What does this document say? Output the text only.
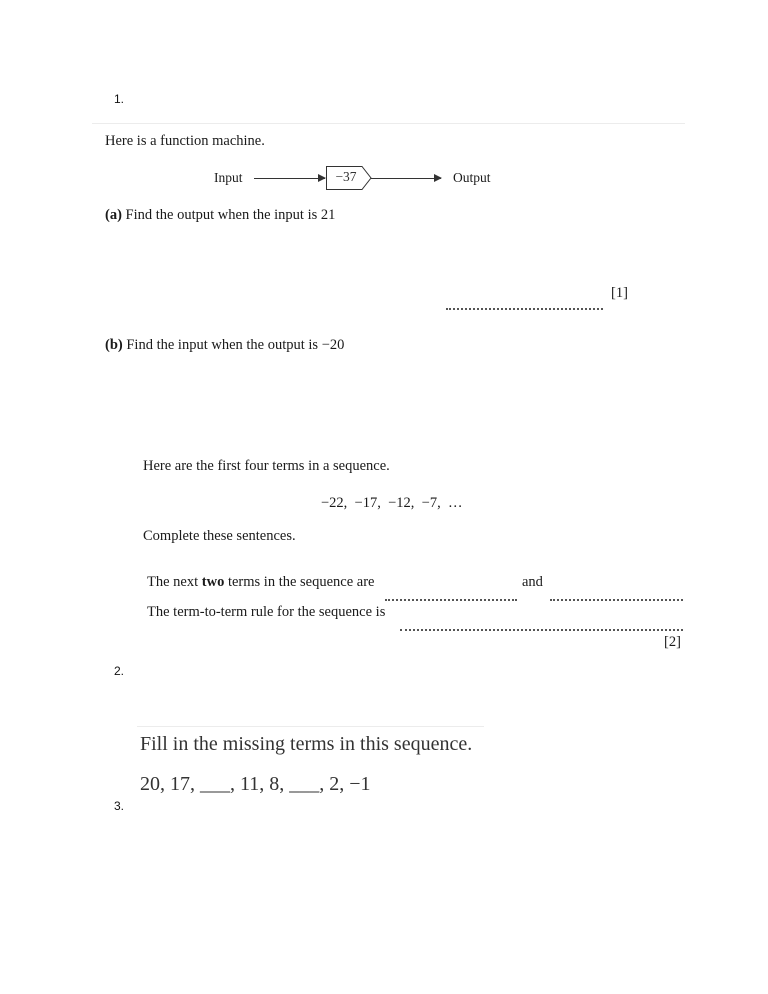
1.
Here is a function machine.
Input	−37	Output
(a) Find the output when the input is 21
[1]
(b) Find the input when the output is −20
Here are the first four terms in a sequence.
−22,  −17,  −12,  −7,  …
Complete these sentences.
The next two terms in the sequence are	and
The term-to-term rule for the sequence is
[2]
2.
Fill in the missing terms in this sequence.
20, 17, ___, 11, 8, ___, 2, −1
3.
